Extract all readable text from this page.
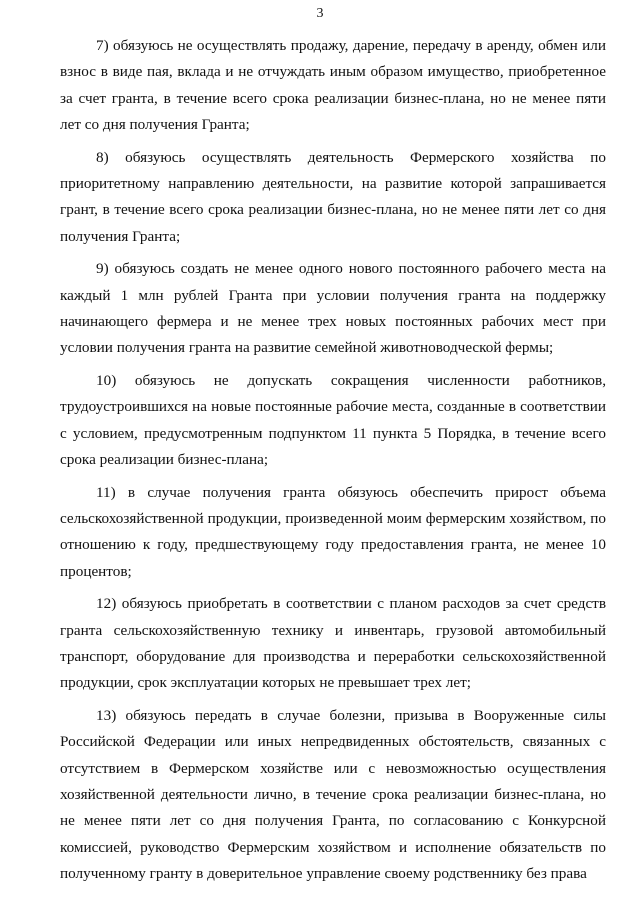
3

7) обязуюсь не осуществлять продажу, дарение, передачу в аренду, обмен или взнос в виде пая, вклада и не отчуждать иным образом имущество, приобретенное за счет гранта, в течение всего срока реализации бизнес-плана, но не менее пяти лет со дня получения Гранта;

8) обязуюсь осуществлять деятельность Фермерского хозяйства по приоритетному направлению деятельности, на развитие которой запрашивается грант, в течение всего срока реализации бизнес-плана, но не менее пяти лет со дня получения Гранта;

9) обязуюсь создать не менее одного нового постоянного рабочего места на каждый 1 млн рублей Гранта при условии получения гранта на поддержку начинающего фермера и не менее трех новых постоянных рабочих мест при условии получения гранта на развитие семейной животноводческой фермы;

10) обязуюсь не допускать сокращения численности работников, трудоустроившихся на новые постоянные рабочие места, созданные в соответствии с условием, предусмотренным подпунктом 11 пункта 5 Порядка, в течение всего срока реализации бизнес-плана;

11) в случае получения гранта обязуюсь обеспечить прирост объема сельскохозяйственной продукции, произведенной моим фермерским хозяйством, по отношению к году, предшествующему году предоставления гранта, не менее 10 процентов;

12) обязуюсь приобретать в соответствии с планом расходов за счет средств гранта сельскохозяйственную технику и инвентарь, грузовой автомобильный транспорт, оборудование для производства и переработки сельскохозяйственной продукции, срок эксплуатации которых не превышает трех лет;

13) обязуюсь передать в случае болезни, призыва в Вооруженные силы Российской Федерации или иных непредвиденных обстоятельств, связанных с отсутствием в Фермерском хозяйстве или с невозможностью осуществления хозяйственной деятельности лично, в течение срока реализации бизнес-плана, но не менее пяти лет со дня получения Гранта, по согласованию с Конкурсной комиссией, руководство Фермерским хозяйством и исполнение обязательств по полученному гранту в доверительное управление своему родственнику без права
